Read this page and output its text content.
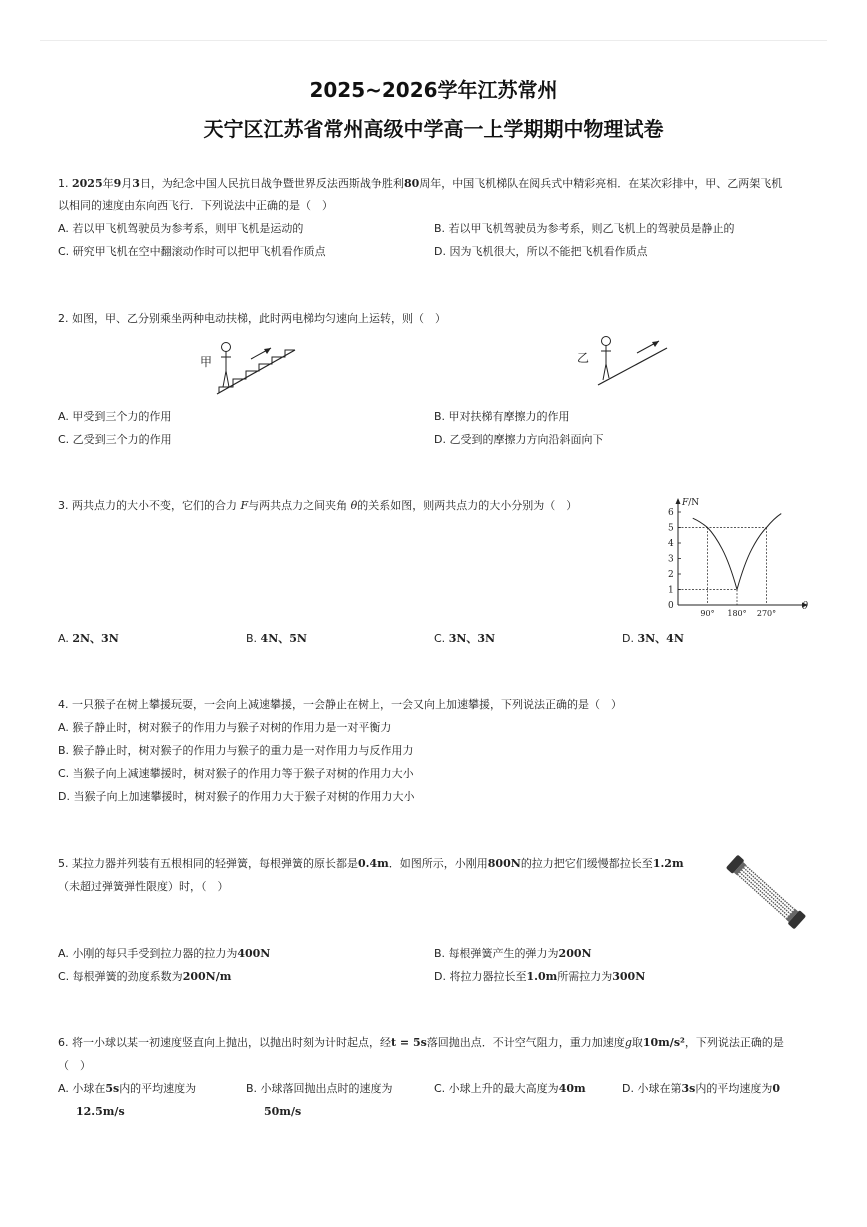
2025~2026学年江苏常州
天宁区江苏省常州高级中学高一上学期期中物理试卷
1. 2025年9月3日，为纪念中国人民抗日战争暨世界反法西斯战争胜利80周年，中国飞机梯队在阅兵式中精彩亮相．在某次彩排中，甲、乙两架飞机
以相同的速度由东向西飞行．下列说法中正确的是（　）
A. 若以甲飞机驾驶员为参考系，则甲飞机是运动的	B. 若以甲飞机驾驶员为参考系，则乙飞机上的驾驶员是静止的
C. 研究甲飞机在空中翻滚动作时可以把甲飞机看作质点	D. 因为飞机很大，所以不能把飞机看作质点
2. 如图，甲、乙分别乘坐两种电动扶梯，此时两电梯均匀速向上运转，则（　）
甲	乙
A. 甲受到三个力的作用	B. 甲对扶梯有摩擦力的作用
C. 乙受到三个力的作用	D. 乙受到的摩擦力方向沿斜面向下
3. 两共点力的大小不变，它们的合力 F与两共点力之间夹角 θ的关系如图，则两共点力的大小分别为（　）	F/N
θ
0
1
2
3
4
5
6
90° 180° 270°
A. 2N、3N	B. 4N、5N	C. 3N、3N	D. 3N、4N
4. 一只猴子在树上攀援玩耍，一会向上减速攀援，一会静止在树上，一会又向上加速攀援，下列说法正确的是（　）
A. 猴子静止时，树对猴子的作用力与猴子对树的作用力是一对平衡力
B. 猴子静止时，树对猴子的作用力与猴子的重力是一对作用力与反作用力
C. 当猴子向上减速攀援时，树对猴子的作用力等于猴子对树的作用力大小
D. 当猴子向上加速攀援时，树对猴子的作用力大于猴子对树的作用力大小
5. 某拉力器并列装有五根相同的轻弹簧，每根弹簧的原长都是0.4m．如图所示，小刚用800N的拉力把它们缓慢都拉长至1.2m
（未超过弹簧弹性限度）时，（　）
A. 小刚的每只手受到拉力器的拉力为400N	B. 每根弹簧产生的弹力为200N
C. 每根弹簧的劲度系数为200N/m	D. 将拉力器拉长至1.0m所需拉力为300N
6. 将一小球以某一初速度竖直向上抛出，以抛出时刻为计时起点，经t = 5s落回抛出点．不计空气阻力，重力加速度g取10m/s²，下列说法正确的是
（　）
A. 小球在5s内的平均速度为
12.5m/s
B. 小球落回抛出点时的速度为
50m/s
C. 小球上升的最大高度为40m	D. 小球在第3s内的平均速度为0
